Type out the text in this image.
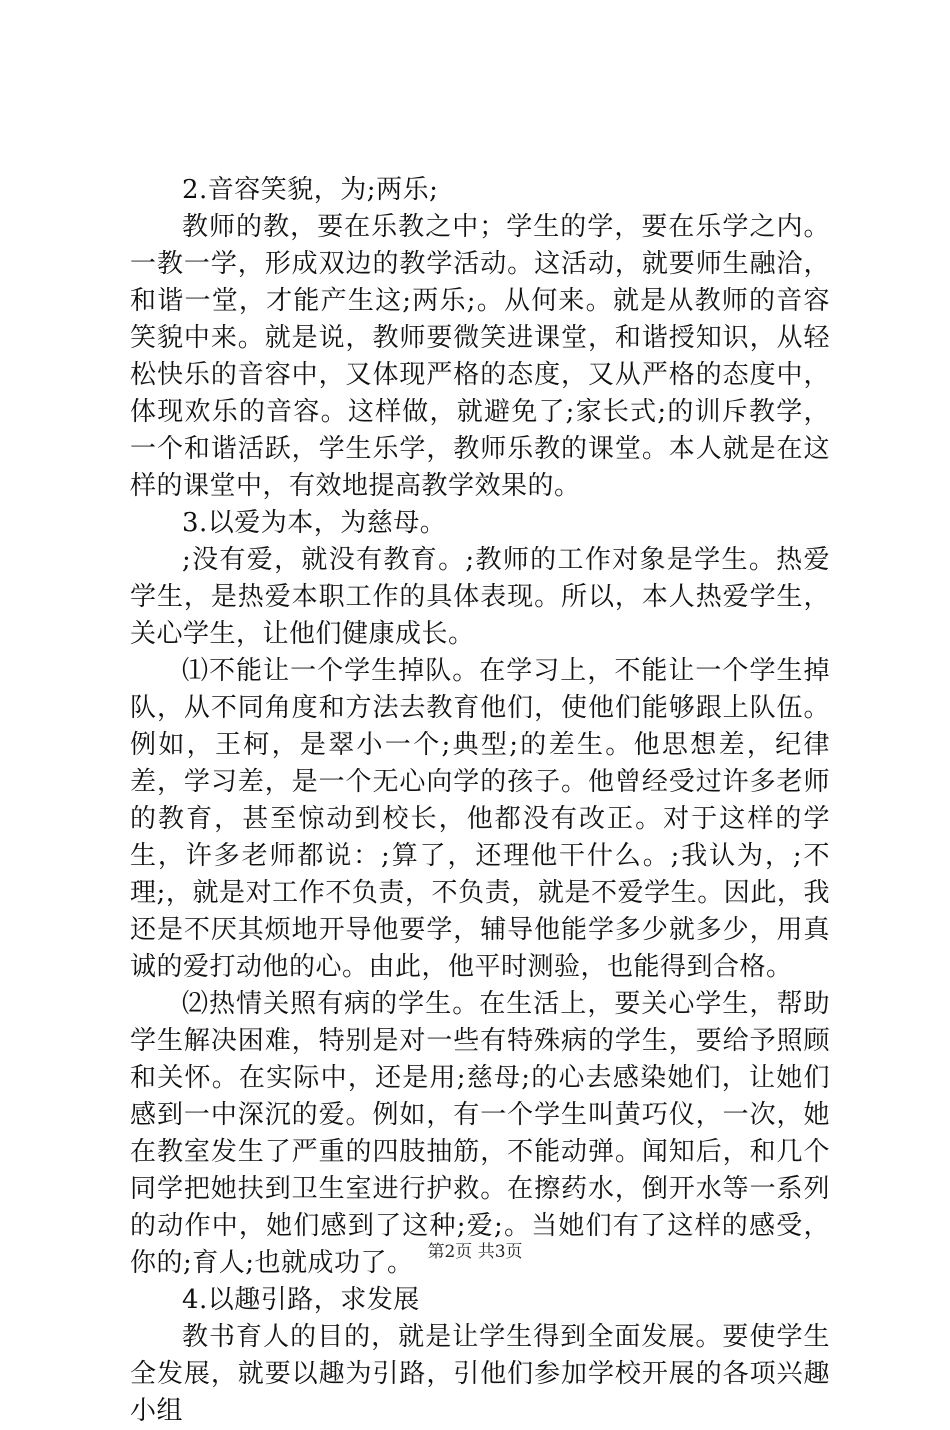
2.音容笑貌，为;两乐;

教师的教，要在乐教之中；学生的学，要在乐学之内。一教一学，形成双边的教学活动。这活动，就要师生融洽，和谐一堂，才能产生这;两乐;。从何来。就是从教师的音容笑貌中来。就是说，教师要微笑进课堂，和谐授知识，从轻松快乐的音容中，又体现严格的态度，又从严格的态度中，体现欢乐的音容。这样做，就避免了;家长式;的训斥教学，一个和谐活跃，学生乐学，教师乐教的课堂。本人就是在这样的课堂中，有效地提高教学效果的。

3.以爱为本，为慈母。

;没有爱，就没有教育。;教师的工作对象是学生。热爱学生，是热爱本职工作的具体表现。所以，本人热爱学生，关心学生，让他们健康成长。

⑴不能让一个学生掉队。在学习上，不能让一个学生掉队，从不同角度和方法去教育他们，使他们能够跟上队伍。例如，王柯，是翠小一个;典型;的差生。他思想差，纪律差，学习差，是一个无心向学的孩子。他曾经受过许多老师的教育，甚至惊动到校长，他都没有改正。对于这样的学生，许多老师都说：;算了，还理他干什么。;我认为，;不理;，就是对工作不负责，不负责，就是不爱学生。因此，我还是不厌其烦地开导他要学，辅导他能学多少就多少，用真诚的爱打动他的心。由此，他平时测验，也能得到合格。

⑵热情关照有病的学生。在生活上，要关心学生，帮助学生解决困难，特别是对一些有特殊病的学生，要给予照顾和关怀。在实际中，还是用;慈母;的心去感染她们，让她们感到一中深沉的爱。例如，有一个学生叫黄巧仪，一次，她在教室发生了严重的四肢抽筋，不能动弹。闻知后，和几个同学把她扶到卫生室进行护救。在擦药水，倒开水等一系列的动作中，她们感到了这种;爱;。当她们有了这样的感受，你的;育人;也就成功了。

4.以趣引路，求发展

教书育人的目的，就是让学生得到全面发展。要使学生全发展，就要以趣为引路，引他们参加学校开展的各项兴趣小组

第2页 共3页
